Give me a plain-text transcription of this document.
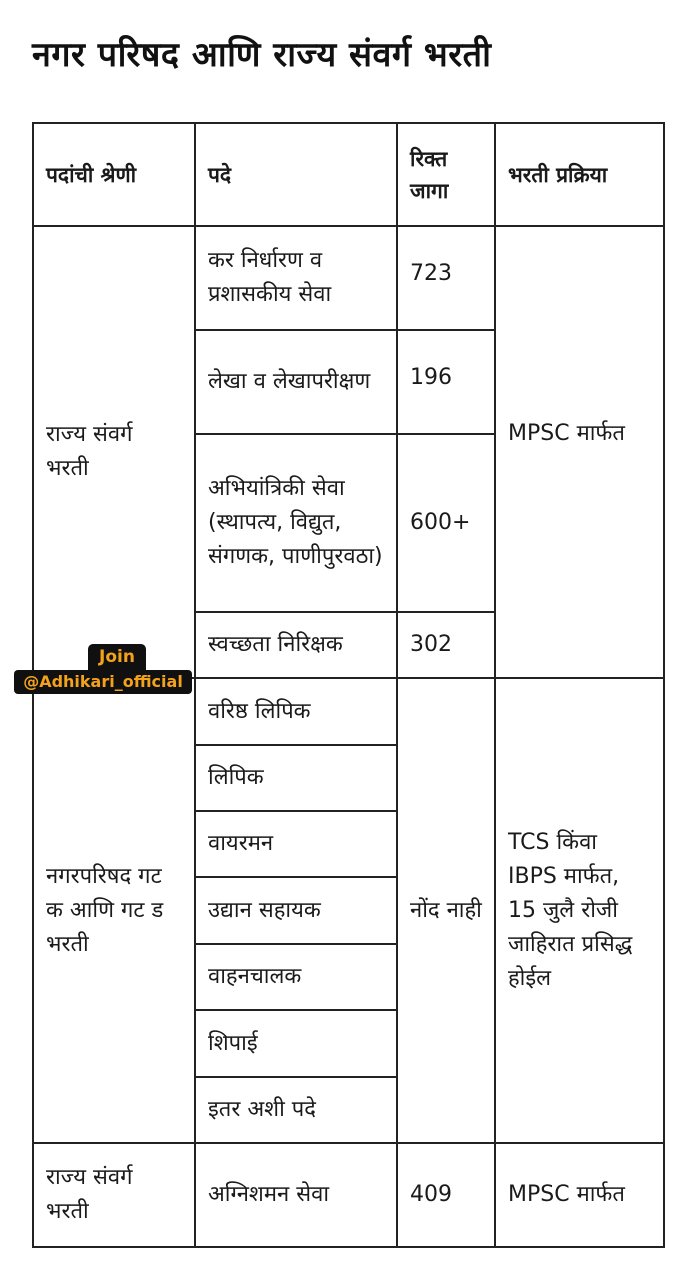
नगर परिषद आणि राज्य संवर्ग भरती
पदांची श्रेणी	पदे	रिक्त जागा	भरती प्रक्रिया
राज्य संवर्ग भरती	कर निर्धारण व प्रशासकीय सेवा	723	MPSC मार्फत
	लेखा व लेखापरीक्षण	196	
	अभियांत्रिकी सेवा (स्थापत्य, विद्युत, संगणक, पाणीपुरवठा)	600+	
	स्वच्छता निरिक्षक	302	
नगरपरिषद गट क आणि गट ड भरती	वरिष्ठ लिपिक	नोंद नाही	TCS किंवा IBPS मार्फत, 15 जुलै रोजी जाहिरात प्रसिद्ध होईल
	लिपिक		
	वायरमन		
	उद्यान सहायक		
	वाहनचालक		
	शिपाई		
	इतर अशी पदे		
राज्य संवर्ग भरती	अग्निशमन सेवा	409	MPSC मार्फत
Join
@Adhikari_official
